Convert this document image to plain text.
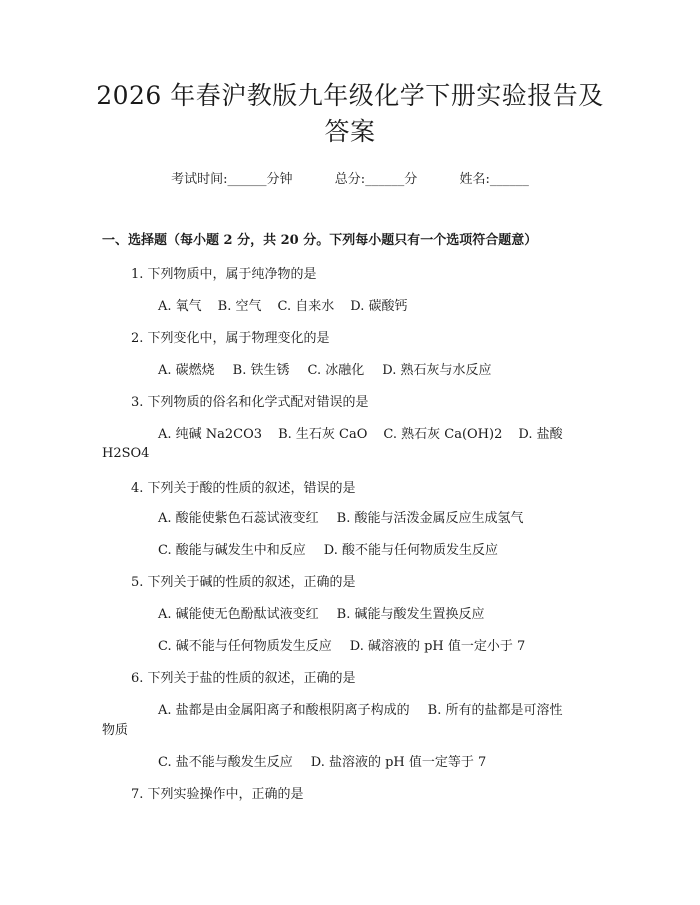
2026 年春沪教版九年级化学下册实验报告及
答案
考试时间:______分钟	总分:______分	姓名:______
一、选择题（每小题 2 分，共 20 分。下列每小题只有一个选项符合题意）
1. 下列物质中，属于纯净物的是
A. 氧气 B. 空气 C. 自来水 D. 碳酸钙
2. 下列变化中，属于物理变化的是
A. 碳燃烧 B. 铁生锈 C. 冰融化 D. 熟石灰与水反应
3. 下列物质的俗名和化学式配对错误的是
A. 纯碱 Na2CO3 B. 生石灰 CaO C. 熟石灰 Ca(OH)2 D. 盐酸
H2SO4
4. 下列关于酸的性质的叙述，错误的是
A. 酸能使紫色石蕊试液变红 B. 酸能与活泼金属反应生成氢气
C. 酸能与碱发生中和反应 D. 酸不能与任何物质发生反应
5. 下列关于碱的性质的叙述，正确的是
A. 碱能使无色酚酞试液变红 B. 碱能与酸发生置换反应
C. 碱不能与任何物质发生反应 D. 碱溶液的 pH 值一定小于 7
6. 下列关于盐的性质的叙述，正确的是
A. 盐都是由金属阳离子和酸根阴离子构成的 B. 所有的盐都是可溶性
物质
C. 盐不能与酸发生反应 D. 盐溶液的 pH 值一定等于 7
7. 下列实验操作中，正确的是
